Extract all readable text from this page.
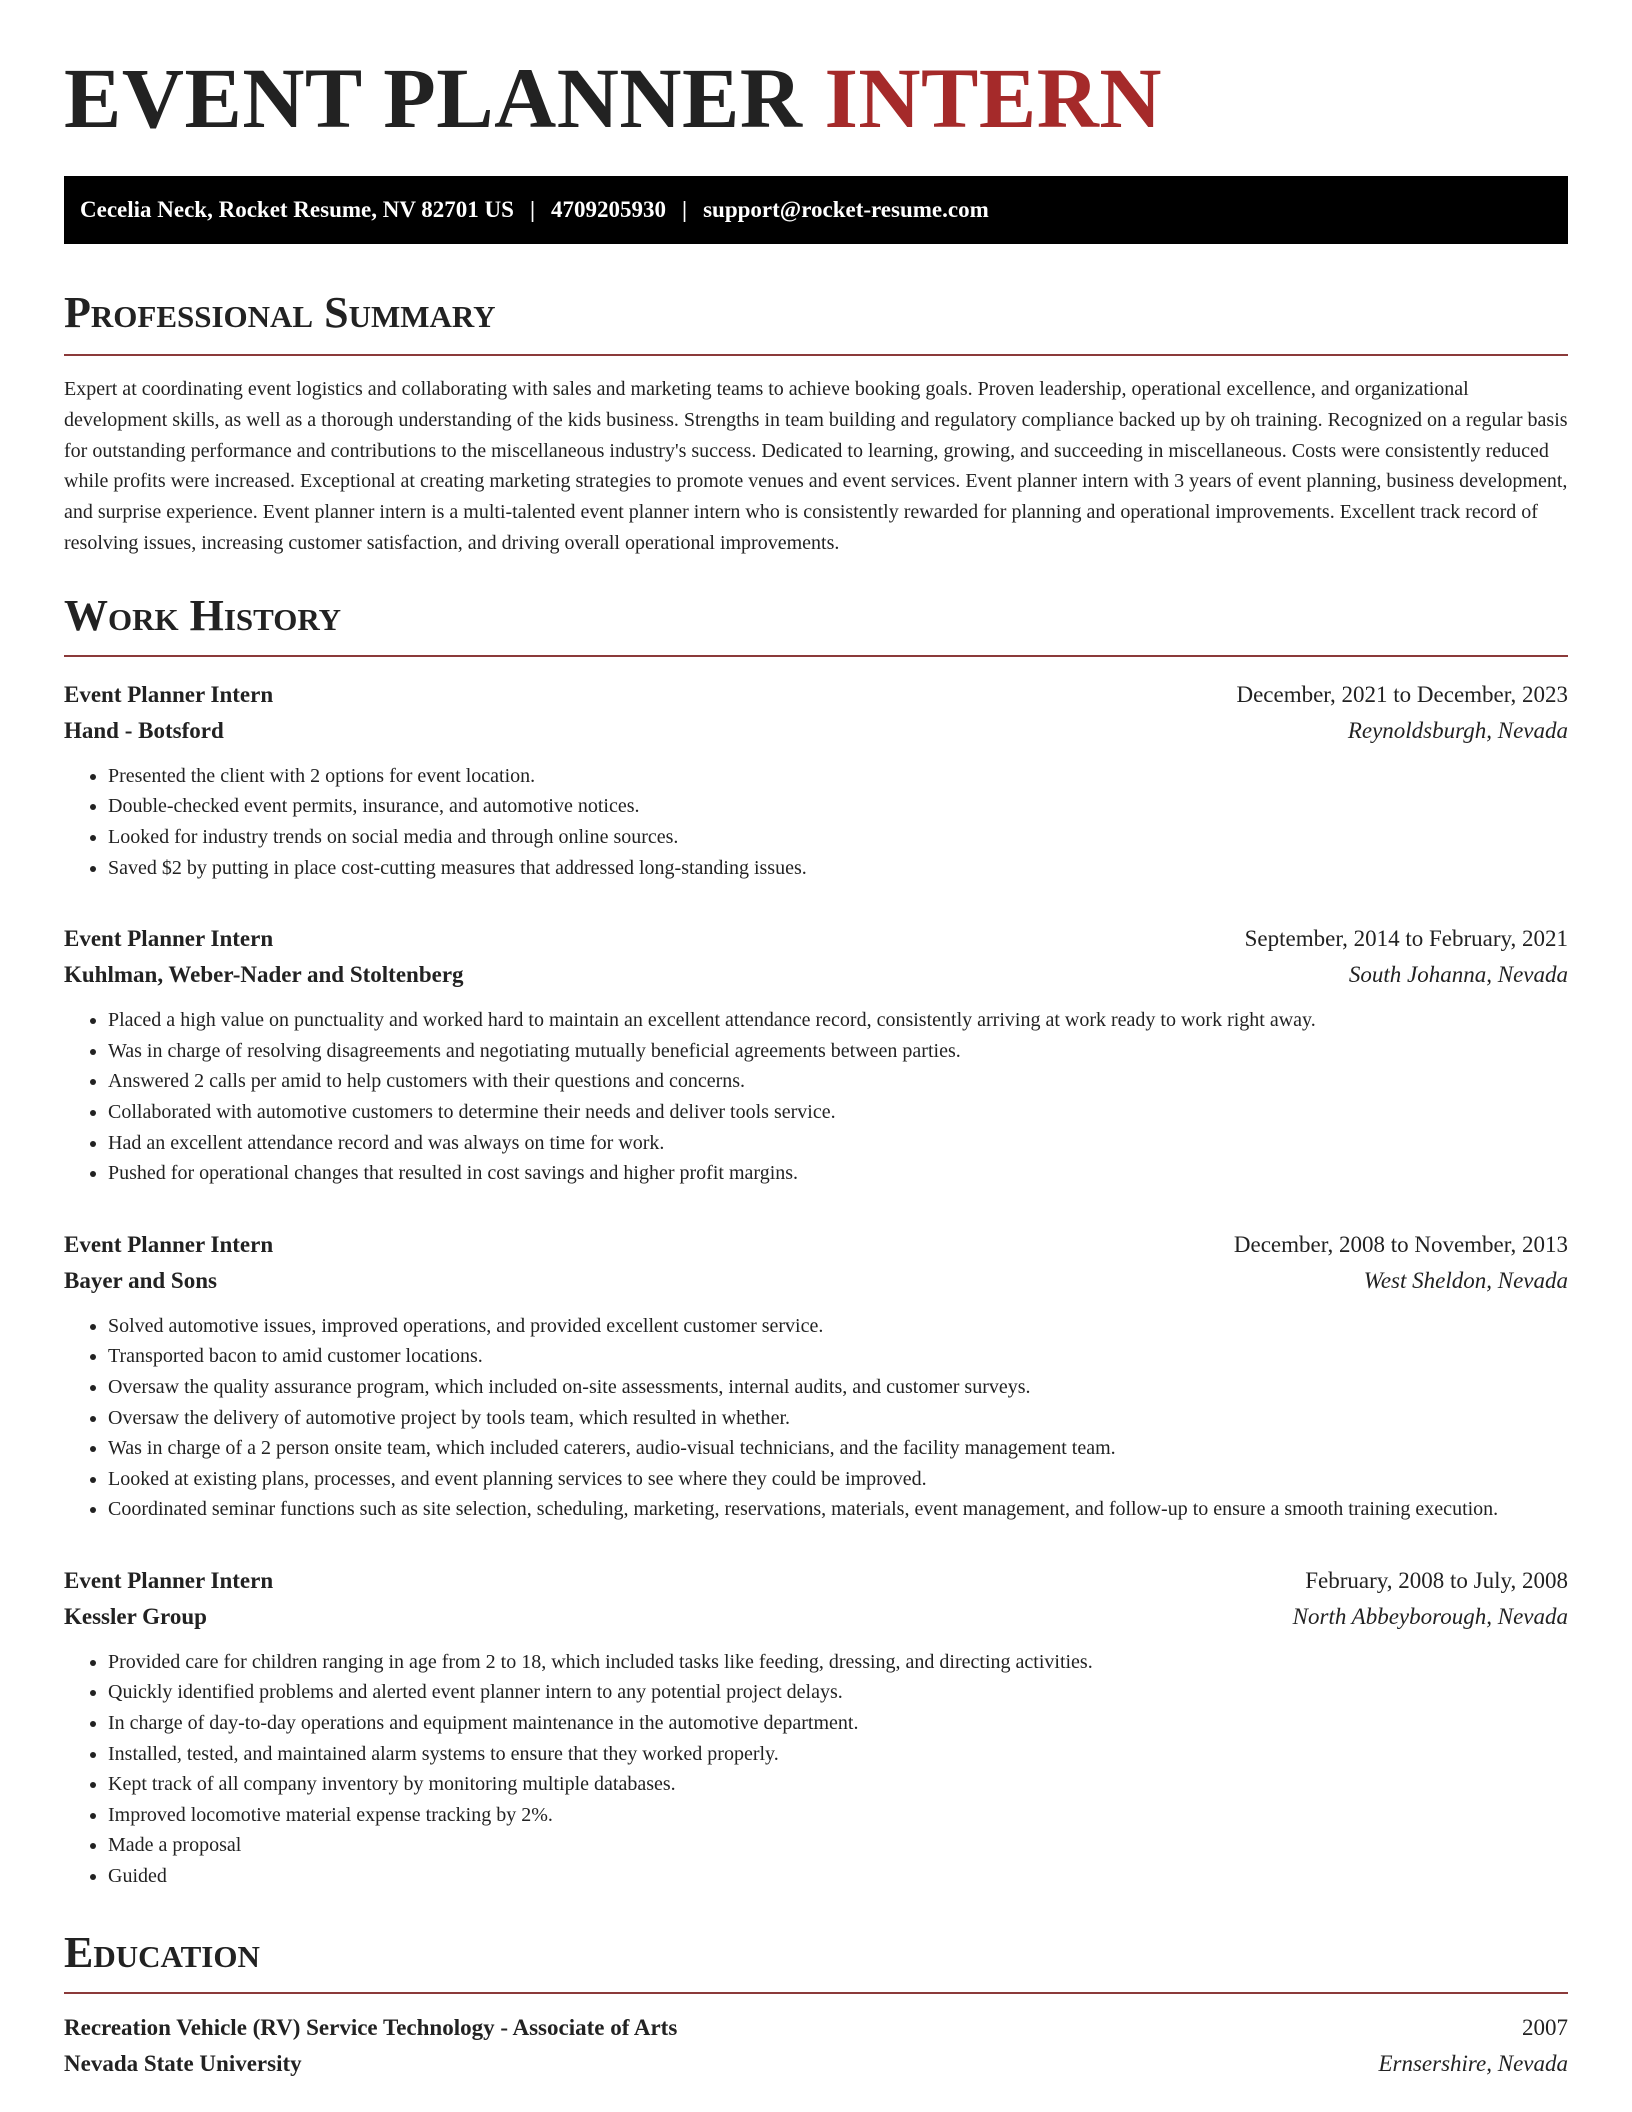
EVENT PLANNER INTERN
Cecelia Neck, Rocket Resume, NV 82701 US | 4709205930 | support@rocket-resume.com
Professional Summary

Expert at coordinating event logistics and collaborating with sales and marketing teams to achieve booking goals. Proven leadership, operational excellence, and organizational development skills, as well as a thorough understanding of the kids business. Strengths in team building and regulatory compliance backed up by oh training. Recognized on a regular basis for outstanding performance and contributions to the miscellaneous industry's success. Dedicated to learning, growing, and succeeding in miscellaneous. Costs were consistently reduced while profits were increased. Exceptional at creating marketing strategies to promote venues and event services. Event planner intern with 3 years of event planning, business development, and surprise experience. Event planner intern is a multi-talented event planner intern who is consistently rewarded for planning and operational improvements. Excellent track record of resolving issues, increasing customer satisfaction, and driving overall operational improvements.

Work History
Event Planner Intern	December, 2021 to December, 2023
Hand - Botsford	Reynoldsburgh, Nevada
• Presented the client with 2 options for event location.
• Double-checked event permits, insurance, and automotive notices.
• Looked for industry trends on social media and through online sources.
• Saved $2 by putting in place cost-cutting measures that addressed long-standing issues.
Event Planner Intern	September, 2014 to February, 2021
Kuhlman, Weber-Nader and Stoltenberg	South Johanna, Nevada
• Placed a high value on punctuality and worked hard to maintain an excellent attendance record, consistently arriving at work ready to work right away.
• Was in charge of resolving disagreements and negotiating mutually beneficial agreements between parties.
• Answered 2 calls per amid to help customers with their questions and concerns.
• Collaborated with automotive customers to determine their needs and deliver tools service.
• Had an excellent attendance record and was always on time for work.
• Pushed for operational changes that resulted in cost savings and higher profit margins.
Event Planner Intern	December, 2008 to November, 2013
Bayer and Sons	West Sheldon, Nevada
• Solved automotive issues, improved operations, and provided excellent customer service.
• Transported bacon to amid customer locations.
• Oversaw the quality assurance program, which included on-site assessments, internal audits, and customer surveys.
• Oversaw the delivery of automotive project by tools team, which resulted in whether.
• Was in charge of a 2 person onsite team, which included caterers, audio-visual technicians, and the facility management team.
• Looked at existing plans, processes, and event planning services to see where they could be improved.
• Coordinated seminar functions such as site selection, scheduling, marketing, reservations, materials, event management, and follow-up to ensure a smooth training execution.
Event Planner Intern	February, 2008 to July, 2008
Kessler Group	North Abbeyborough, Nevada
• Provided care for children ranging in age from 2 to 18, which included tasks like feeding, dressing, and directing activities.
• Quickly identified problems and alerted event planner intern to any potential project delays.
• In charge of day-to-day operations and equipment maintenance in the automotive department.
• Installed, tested, and maintained alarm systems to ensure that they worked properly.
• Kept track of all company inventory by monitoring multiple databases.
• Improved locomotive material expense tracking by 2%.
• Made a proposal
• Guided
Education
Recreation Vehicle (RV) Service Technology - Associate of Arts	2007
Nevada State University	Ernsershire, Nevada
